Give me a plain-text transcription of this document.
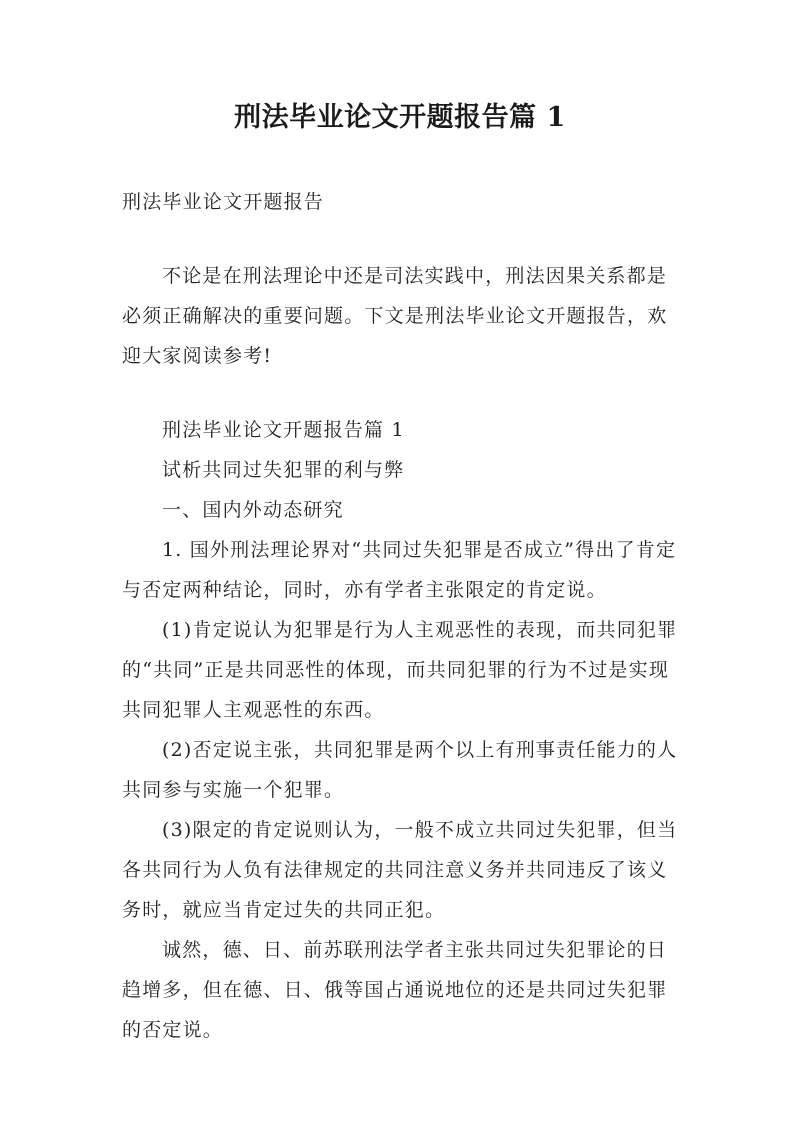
刑法毕业论文开题报告篇 1
刑法毕业论文开题报告

不论是在刑法理论中还是司法实践中，刑法因果关系都是必须正确解决的重要问题。下文是刑法毕业论文开题报告，欢迎大家阅读参考!

刑法毕业论文开题报告篇 1

试析共同过失犯罪的利与弊

一、国内外动态研究

1. 国外刑法理论界对“共同过失犯罪是否成立”得出了肯定与否定两种结论，同时，亦有学者主张限定的肯定说。

(1)肯定说认为犯罪是行为人主观恶性的表现，而共同犯罪的“共同”正是共同恶性的体现，而共同犯罪的行为不过是实现共同犯罪人主观恶性的东西。

(2)否定说主张，共同犯罪是两个以上有刑事责任能力的人共同参与实施一个犯罪。

(3)限定的肯定说则认为，一般不成立共同过失犯罪，但当各共同行为人负有法律规定的共同注意义务并共同违反了该义务时，就应当肯定过失的共同正犯。

诚然，德、日、前苏联刑法学者主张共同过失犯罪论的日趋增多，但在德、日、俄等国占通说地位的还是共同过失犯罪的否定说。
